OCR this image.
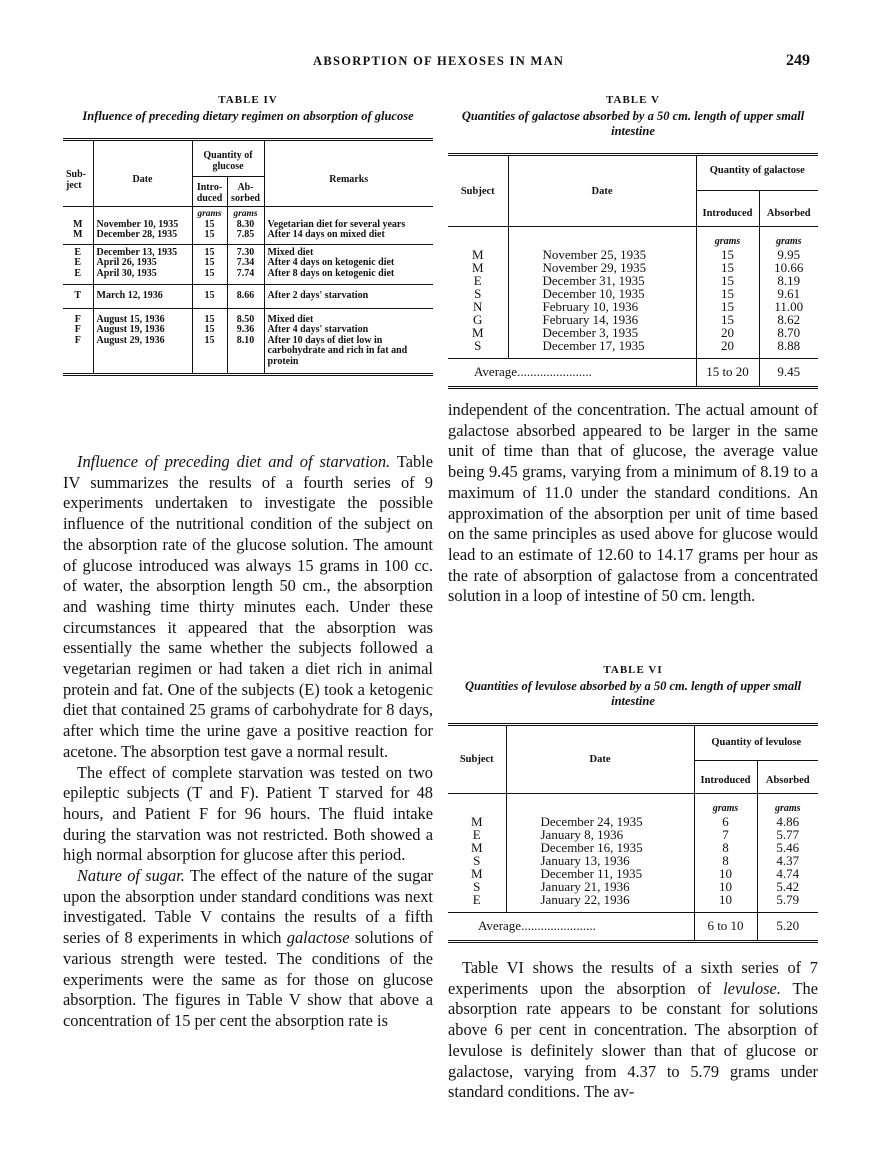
ABSORPTION OF HEXOSES IN MAN	249
TABLE IV
Influence of preceding dietary regimen on absorption of glucose
Sub-ject	Date	Quantity of glucose		Remarks
		Intro-duced	Ab-sorbed	
		grams	grams	
M	November 10, 1935	15	8.30	Vegetarian diet for several years
M	December 28, 1935	15	7.85	After 14 days on mixed diet
E	December 13, 1935	15	7.30	Mixed diet
E	April 26, 1935	15	7.34	After 4 days on ketogenic diet
E	April 30, 1935	15	7.74	After 8 days on ketogenic diet
T	March 12, 1936	15	8.66	After 2 days' starvation
F	August 15, 1936	15	8.50	Mixed diet
F	August 19, 1936	15	9.36	After 4 days' starvation
F	August 29, 1936	15	8.10	After 10 days of diet low in carbohydrate and rich in fat and protein

Influence of preceding diet and of starvation. Table IV summarizes the results of a fourth series of 9 experiments undertaken to investigate the possible influence of the nutritional condition of the subject on the absorption rate of the glucose solution. The amount of glucose introduced was always 15 grams in 100 cc. of water, the absorption length 50 cm., the absorption and washing time thirty minutes each. Under these circumstances it appeared that the absorption was essentially the same whether the subjects followed a vegetarian regimen or had taken a diet rich in animal protein and fat. One of the subjects (E) took a ketogenic diet that contained 25 grams of carbohydrate for 8 days, after which time the urine gave a positive reaction for acetone. The absorption test gave a normal result.

The effect of complete starvation was tested on two epileptic subjects (T and F). Patient T starved for 48 hours, and Patient F for 96 hours. The fluid intake during the starvation was not restricted. Both showed a high normal absorption for glucose after this period.

Nature of sugar. The effect of the nature of the sugar upon the absorption under standard conditions was next investigated. Table V contains the results of a fifth series of 8 experiments in which galactose solutions of various strength were tested. The conditions of the experiments were the same as for those on glucose absorption. The figures in Table V show that above a concentration of 15 per cent the absorption rate is

TABLE V
Quantities of galactose absorbed by a 50 cm. length of upper small intestine
Subject	Date	Quantity of galactose	
		Introduced	Absorbed
		grams	grams
M	November 25, 1935	15	9.95
M	November 29, 1935	15	10.66
E	December 31, 1935	15	8.19
S	December 10, 1935	15	9.61
N	February 10, 1936	15	11.00
G	February 14, 1936	15	8.62
M	December 3, 1935	20	8.70
S	December 17, 1935	20	8.88
Average.......................		15 to 20	9.45

independent of the concentration. The actual amount of galactose absorbed appeared to be larger in the same unit of time than that of glucose, the average value being 9.45 grams, varying from a minimum of 8.19 to a maximum of 11.0 under the standard conditions. An approximation of the absorption per unit of time based on the same principles as used above for glucose would lead to an estimate of 12.60 to 14.17 grams per hour as the rate of absorption of galactose from a concentrated solution in a loop of intestine of 50 cm. length.

TABLE VI
Quantities of levulose absorbed by a 50 cm. length of upper small intestine
Subject	Date	Quantity of levulose	
		Introduced	Absorbed
		grams	grams
M	December 24, 1935	6	4.86
E	January 8, 1936	7	5.77
M	December 16, 1935	8	5.46
S	January 13, 1936	8	4.37
M	December 11, 1935	10	4.74
S	January 21, 1936	10	5.42
E	January 22, 1936	10	5.79
Average.......................		6 to 10	5.20

Table VI shows the results of a sixth series of 7 experiments upon the absorption of levulose. The absorption rate appears to be constant for solutions above 6 per cent in concentration. The absorption of levulose is definitely slower than that of glucose or galactose, varying from 4.37 to 5.79 grams under standard conditions. The av-
